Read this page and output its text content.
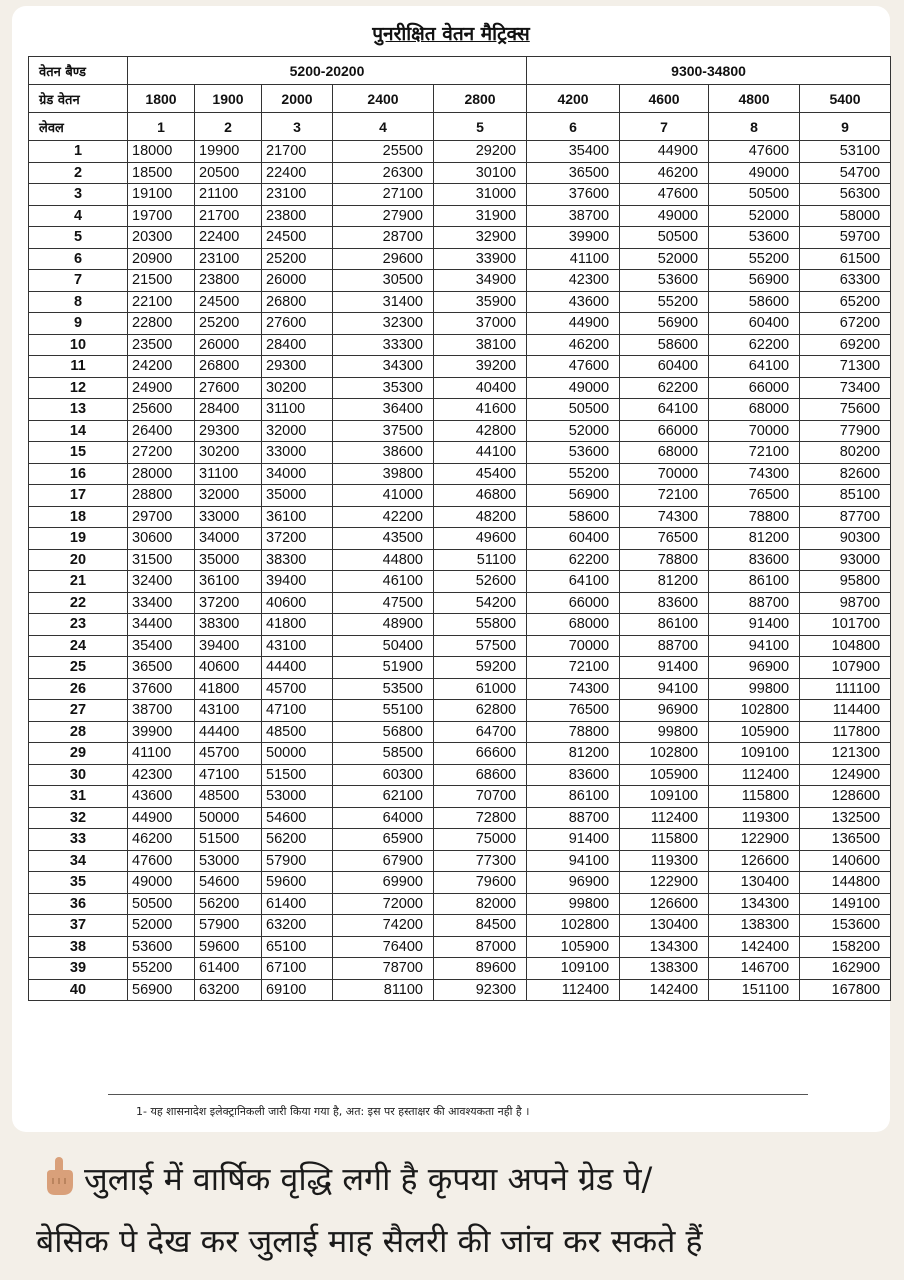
पुनरीक्षित वेतन मैट्रिक्स
वेतन बैण्ड	5200-20200					9300-34800			
ग्रेड वेतन	1800	1900	2000	2400	2800	4200	4600	4800	5400
लेवल	1	2	3	4	5	6	7	8	9
1	18000	19900	21700	25500	29200	35400	44900	47600	53100
2	18500	20500	22400	26300	30100	36500	46200	49000	54700
3	19100	21100	23100	27100	31000	37600	47600	50500	56300
4	19700	21700	23800	27900	31900	38700	49000	52000	58000
5	20300	22400	24500	28700	32900	39900	50500	53600	59700
6	20900	23100	25200	29600	33900	41100	52000	55200	61500
7	21500	23800	26000	30500	34900	42300	53600	56900	63300
8	22100	24500	26800	31400	35900	43600	55200	58600	65200
9	22800	25200	27600	32300	37000	44900	56900	60400	67200
10	23500	26000	28400	33300	38100	46200	58600	62200	69200
11	24200	26800	29300	34300	39200	47600	60400	64100	71300
12	24900	27600	30200	35300	40400	49000	62200	66000	73400
13	25600	28400	31100	36400	41600	50500	64100	68000	75600
14	26400	29300	32000	37500	42800	52000	66000	70000	77900
15	27200	30200	33000	38600	44100	53600	68000	72100	80200
16	28000	31100	34000	39800	45400	55200	70000	74300	82600
17	28800	32000	35000	41000	46800	56900	72100	76500	85100
18	29700	33000	36100	42200	48200	58600	74300	78800	87700
19	30600	34000	37200	43500	49600	60400	76500	81200	90300
20	31500	35000	38300	44800	51100	62200	78800	83600	93000
21	32400	36100	39400	46100	52600	64100	81200	86100	95800
22	33400	37200	40600	47500	54200	66000	83600	88700	98700
23	34400	38300	41800	48900	55800	68000	86100	91400	101700
24	35400	39400	43100	50400	57500	70000	88700	94100	104800
25	36500	40600	44400	51900	59200	72100	91400	96900	107900
26	37600	41800	45700	53500	61000	74300	94100	99800	111100
27	38700	43100	47100	55100	62800	76500	96900	102800	114400
28	39900	44400	48500	56800	64700	78800	99800	105900	117800
29	41100	45700	50000	58500	66600	81200	102800	109100	121300
30	42300	47100	51500	60300	68600	83600	105900	112400	124900
31	43600	48500	53000	62100	70700	86100	109100	115800	128600
32	44900	50000	54600	64000	72800	88700	112400	119300	132500
33	46200	51500	56200	65900	75000	91400	115800	122900	136500
34	47600	53000	57900	67900	77300	94100	119300	126600	140600
35	49000	54600	59600	69900	79600	96900	122900	130400	144800
36	50500	56200	61400	72000	82000	99800	126600	134300	149100
37	52000	57900	63200	74200	84500	102800	130400	138300	153600
38	53600	59600	65100	76400	87000	105900	134300	142400	158200
39	55200	61400	67100	78700	89600	109100	138300	146700	162900
40	56900	63200	69100	81100	92300	112400	142400	151100	167800
1- यह शासनादेश इलेक्ट्रानिकली जारी किया गया है, अत: इस पर हस्ताक्षर की आवश्यकता नही है ।
जुलाई में वार्षिक वृद्धि लगी है कृपया अपने ग्रेड पे/
बेसिक पे देख कर जुलाई माह सैलरी की जांच कर सकते हैं
